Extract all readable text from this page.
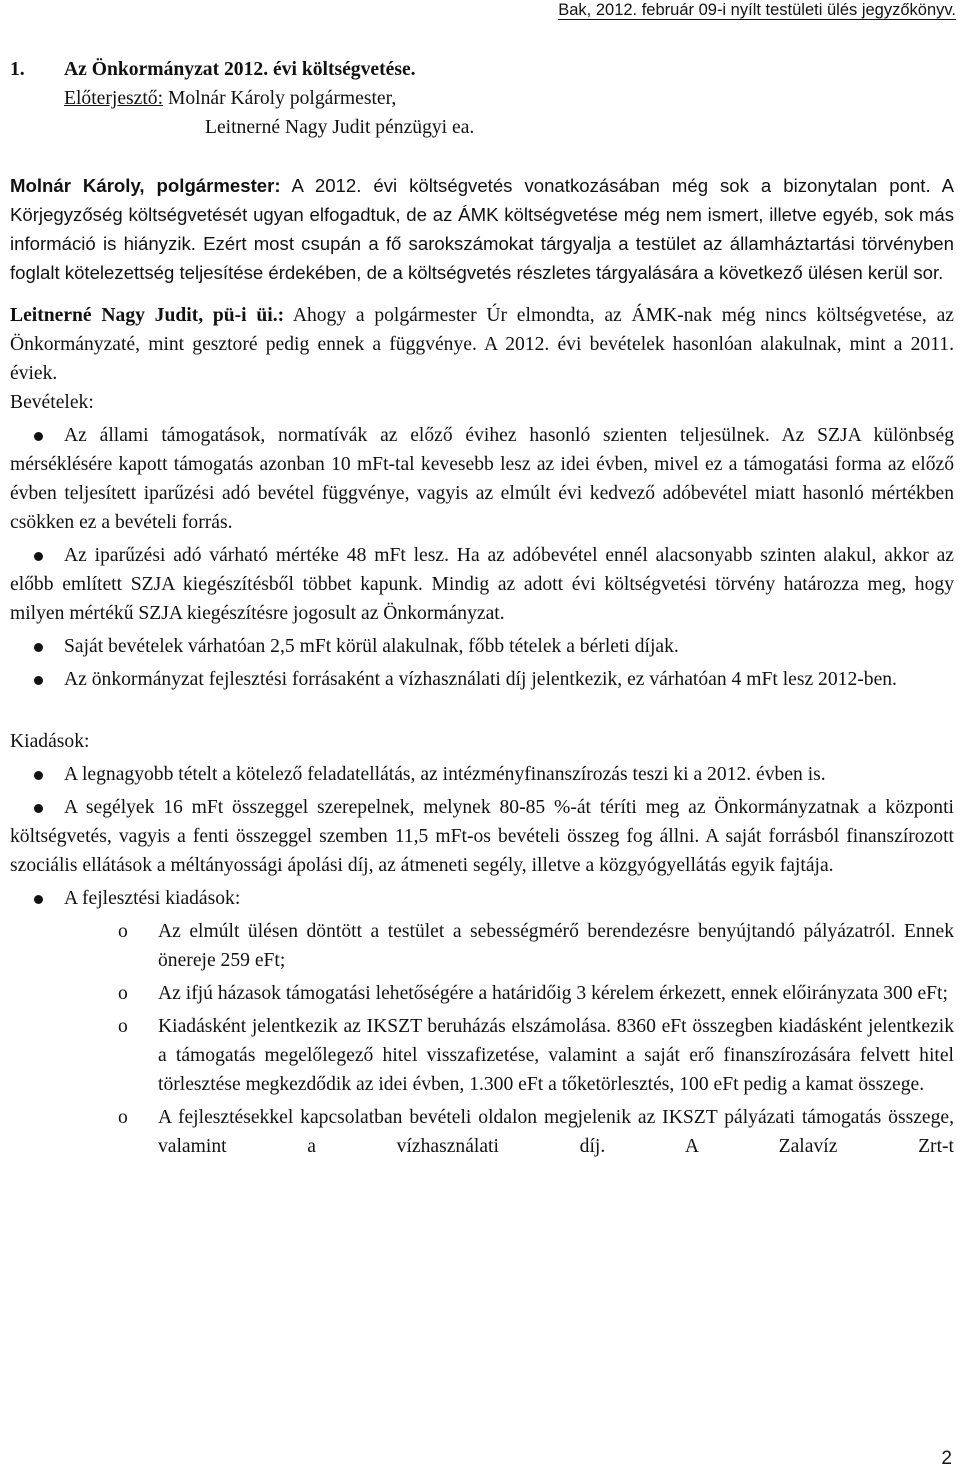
Bak, 2012. február 09-i nyílt testületi ülés jegyzőkönyv.
1.	Az Önkormányzat 2012. évi költségvetése.
Előterjesztő: Molnár Károly polgármester,
Leitnerné Nagy Judit pénzügyi ea.

Molnár Károly, polgármester: A 2012. évi költségvetés vonatkozásában még sok a bizonytalan pont. A Körjegyzőség költségvetését ugyan elfogadtuk, de az ÁMK költségvetése még nem ismert, illetve egyéb, sok más információ is hiányzik. Ezért most csupán a fő sarokszámokat tárgyalja a testület az államháztartási törvényben foglalt kötelezettség teljesítése érdekében, de a költségvetés részletes tárgyalására a következő ülésen kerül sor.

Leitnerné Nagy Judit, pü-i üi.: Ahogy a polgármester Úr elmondta, az ÁMK-nak még nincs költségvetése, az Önkormányzaté, mint gesztoré pedig ennek a függvénye. A 2012. évi bevételek hasonlóan alakulnak, mint a 2011. éviek.

Bevételek:
Az állami támogatások, normatívák az előző évihez hasonló szienten teljesülnek. Az SZJA különbség mérséklésére kapott támogatás azonban 10 mFt-tal kevesebb lesz az idei évben, mivel ez a támogatási forma az előző évben teljesített iparűzési adó bevétel függvénye, vagyis az elmúlt évi kedvező adóbevétel miatt hasonló mértékben csökken ez a bevételi forrás.
Az iparűzési adó várható mértéke 48 mFt lesz. Ha az adóbevétel ennél alacsonyabb szinten alakul, akkor az előbb említett SZJA kiegészítésből többet kapunk. Mindig az adott évi költségvetési törvény határozza meg, hogy milyen mértékű SZJA kiegészítésre jogosult az Önkormányzat.
Saját bevételek várhatóan 2,5 mFt körül alakulnak, főbb tételek a bérleti díjak.
Az önkormányzat fejlesztési forrásaként a vízhasználati díj jelentkezik, ez várhatóan 4 mFt lesz 2012-ben.
Kiadások:
A legnagyobb tételt a kötelező feladatellátás, az intézményfinanszírozás teszi ki a 2012. évben is.
A segélyek 16 mFt összeggel szerepelnek, melynek 80-85 %-át téríti meg az Önkormányzatnak a központi költségvetés, vagyis a fenti összeggel szemben 11,5 mFt-os bevételi összeg fog állni. A saját forrásból finanszírozott szociális ellátások a méltányossági ápolási díj, az átmeneti segély, illetve a közgyógyellátás egyik fajtája.
A fejlesztési kiadások:
o Az elmúlt ülésen döntött a testület a sebességmérő berendezésre benyújtandó pályázatról. Ennek önereje 259 eFt;
o Az ifjú házasok támogatási lehetőségére a határidőig 3 kérelem érkezett, ennek előirányzata 300 eFt;
o Kiadásként jelentkezik az IKSZT beruházás elszámolása. 8360 eFt összegben kiadásként jelentkezik a támogatás megelőlegező hitel visszafizetése, valamint a saját erő finanszírozására felvett hitel törlesztése megkezdődik az idei évben, 1.300 eFt a tőketörlesztés, 100 eFt pedig a kamat összege.
o A fejlesztésekkel kapcsolatban bevételi oldalon megjelenik az IKSZT pályázati támogatás összege, valamint a vízhasználati díj. A Zalavíz Zrt-t
2
